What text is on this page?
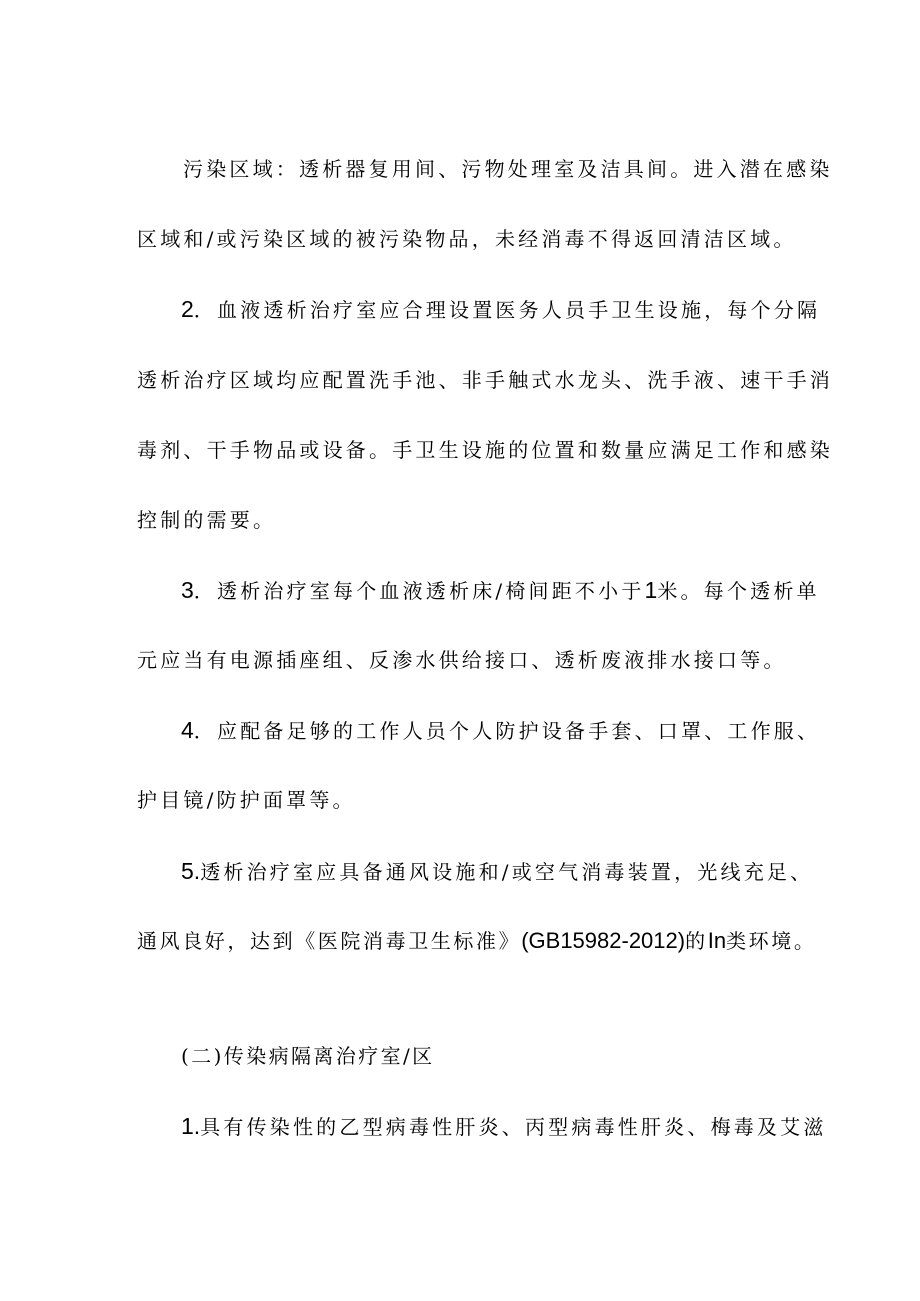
污染区域：透析器复用间、污物处理室及洁具间。进入潜在感染
区域和/或污染区域的被污染物品，未经消毒不得返回清洁区域。
2．血液透析治疗室应合理设置医务人员手卫生设施，每个分隔
透析治疗区域均应配置洗手池、非手触式水龙头、洗手液、速干手消
毒剂、干手物品或设备。手卫生设施的位置和数量应满足工作和感染
控制的需要。
3．透析治疗室每个血液透析床/椅间距不小于1米。每个透析单
元应当有电源插座组、反渗水供给接口、透析废液排水接口等。
4．应配备足够的工作人员个人防护设备手套、口罩、工作服、
护目镜/防护面罩等。
5.透析治疗室应具备通风设施和/或空气消毒装置，光线充足、
通风良好，达到《医院消毒卫生标准》(GB15982-2012)的In类环境。
(二)传染病隔离治疗室/区
1.具有传染性的乙型病毒性肝炎、丙型病毒性肝炎、梅毒及艾滋
